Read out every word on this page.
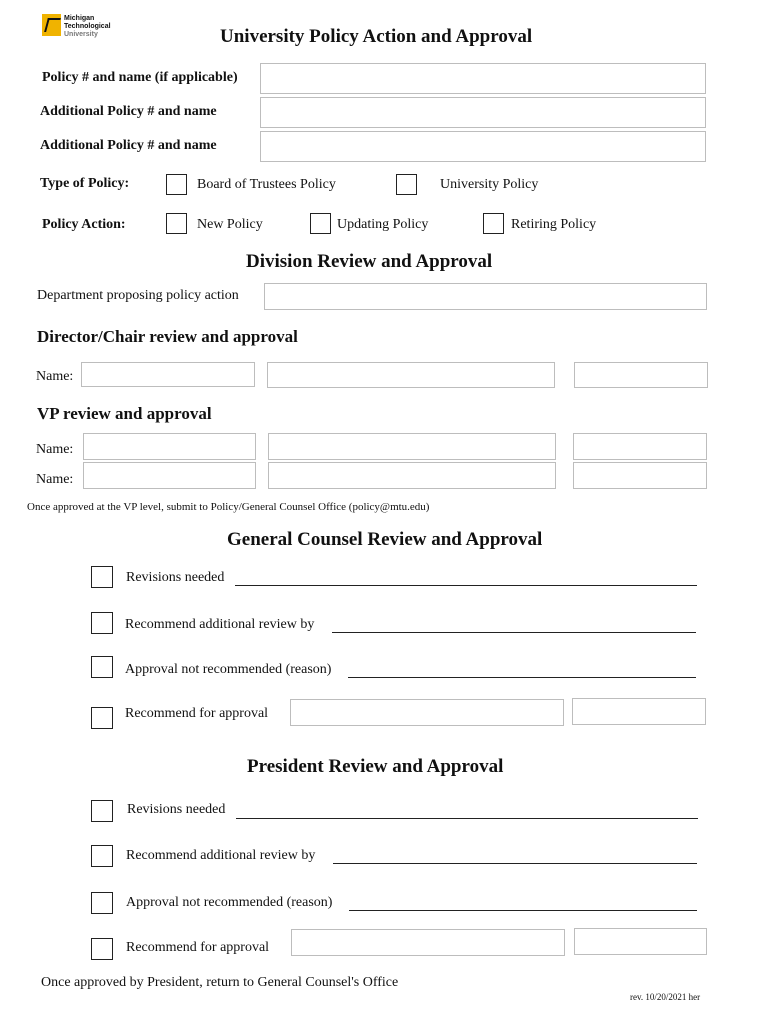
Michigan
Technological
University	University Policy Action and Approval
Policy # and name (if applicable)
Additional Policy # and name
Additional Policy # and name
Type of Policy:	Board of Trustees Policy	University Policy
Policy Action:	New Policy	Updating Policy	Retiring Policy
Division Review and Approval
Department proposing policy action
Director/Chair review and approval
Name:
VP review and approval
Name:
Name:
Once approved at the VP level, submit to Policy/General Counsel Office (policy@mtu.edu)
General Counsel Review and Approval
Revisions needed
Recommend additional review by
Approval not recommended (reason)
Recommend for approval
President Review and Approval
Revisions needed
Recommend additional review by
Approval not recommended (reason)
Recommend for approval
Once approved by President, return to General Counsel's Office
rev. 10/20/2021 her
